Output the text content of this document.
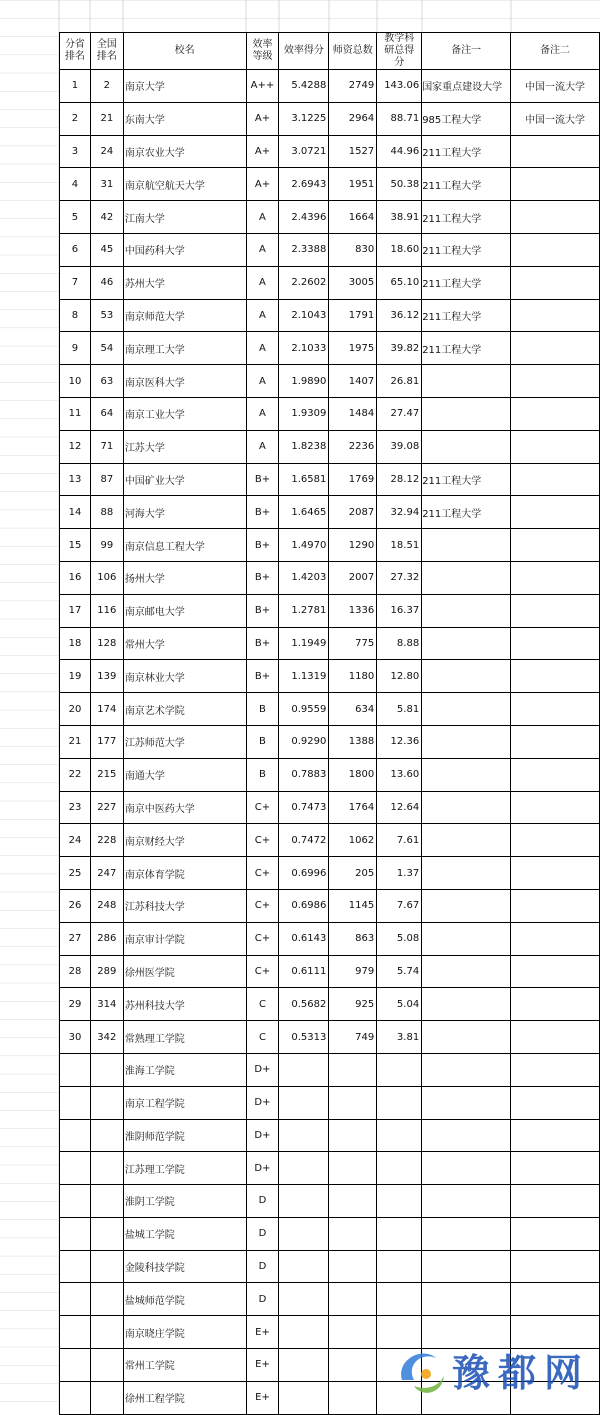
分省排名	全国排名	校名	效率等级	效率得分	师资总数	教学科研总得分	备注一	备注二
1	2	南京大学	A++	5.4288	2749	143.06	国家重点建设大学	中国一流大学
2	21	东南大学	A+	3.1225	2964	88.71	985工程大学	中国一流大学
3	24	南京农业大学	A+	3.0721	1527	44.96	211工程大学	
4	31	南京航空航天大学	A+	2.6943	1951	50.38	211工程大学	
5	42	江南大学	A	2.4396	1664	38.91	211工程大学	
6	45	中国药科大学	A	2.3388	830	18.60	211工程大学	
7	46	苏州大学	A	2.2602	3005	65.10	211工程大学	
8	53	南京师范大学	A	2.1043	1791	36.12	211工程大学	
9	54	南京理工大学	A	2.1033	1975	39.82	211工程大学	
10	63	南京医科大学	A	1.9890	1407	26.81		
11	64	南京工业大学	A	1.9309	1484	27.47		
12	71	江苏大学	A	1.8238	2236	39.08		
13	87	中国矿业大学	B+	1.6581	1769	28.12	211工程大学	
14	88	河海大学	B+	1.6465	2087	32.94	211工程大学	
15	99	南京信息工程大学	B+	1.4970	1290	18.51		
16	106	扬州大学	B+	1.4203	2007	27.32		
17	116	南京邮电大学	B+	1.2781	1336	16.37		
18	128	常州大学	B+	1.1949	775	8.88		
19	139	南京林业大学	B+	1.1319	1180	12.80		
20	174	南京艺术学院	B	0.9559	634	5.81		
21	177	江苏师范大学	B	0.9290	1388	12.36		
22	215	南通大学	B	0.7883	1800	13.60		
23	227	南京中医药大学	C+	0.7473	1764	12.64		
24	228	南京财经大学	C+	0.7472	1062	7.61		
25	247	南京体育学院	C+	0.6996	205	1.37		
26	248	江苏科技大学	C+	0.6986	1145	7.67		
27	286	南京审计学院	C+	0.6143	863	5.08		
28	289	徐州医学院	C+	0.6111	979	5.74		
29	314	苏州科技大学	C	0.5682	925	5.04		
30	342	常熟理工学院	C	0.5313	749	3.81		
		淮海工学院	D+					
		南京工程学院	D+					
		淮阴师范学院	D+					
		江苏理工学院	D+					
		淮阴工学院	D					
		盐城工学院	D					
		金陵科技学院	D					
		盐城师范学院	D					
		南京晓庄学院	E+					
		常州工学院	E+					
		徐州工程学院	E+					
豫都网
